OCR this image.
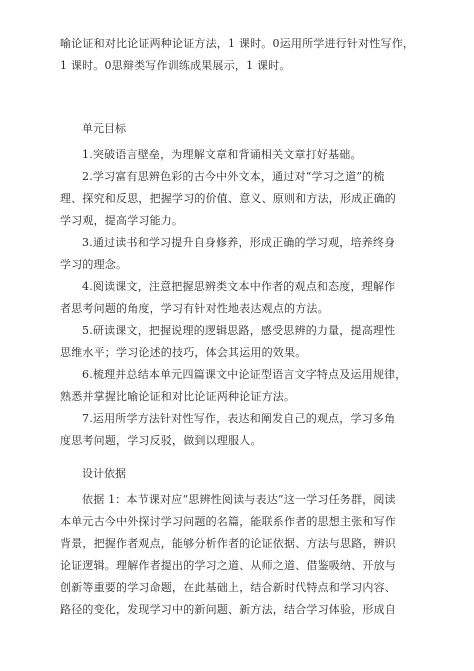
喻论证和对比论证两种论证方法，1 课时。0运用所学进行针对性写作，
1 课时。0思辩类写作训练成果展示，1 课时。
单元目标
1.突破语言壁垒，为理解文章和背诵相关文章打好基础。
2.学习富有思辨色彩的古今中外文本，通过对“学习之道”的梳
理、探究和反思，把握学习的价值、意义、原则和方法，形成正确的
学习观，提高学习能力。
3.通过读书和学习提升自身修养，形成正确的学习观，培养终身
学习的理念。
4.阅读课文，注意把握思辨类文本中作者的观点和态度，理解作
者思考问题的角度，学习有针对性地表达观点的方法。
5.研读课文，把握说理的逻辑思路，感受思辨的力量，提高理性
思维水平；学习论述的技巧，体会其运用的效果。
6.梳理并总结本单元四篇课文中论证型语言文字特点及运用规律，
熟悉并掌握比喻论证和对比论证两种论证方法。
7.运用所学方法针对性写作，表达和阐发自己的观点，学习多角
度思考问题，学习反驳，做到以理服人。
设计依据
依据 1：本节课对应“思辨性阅读与表达”这一学习任务群，阅读
本单元古今中外探讨学习问题的名篇，能联系作者的思想主张和写作
背景，把握作者观点，能够分析作者的论证依据、方法与思路，辨识
论证逻辑。理解作者提出的学习之道、从师之道、借鉴吸纳、开放与
创新等重要的学习命题，在此基础上，结合新时代特点和学习内容、
路径的变化，发现学习中的新问题、新方法，结合学习体验，形成自
